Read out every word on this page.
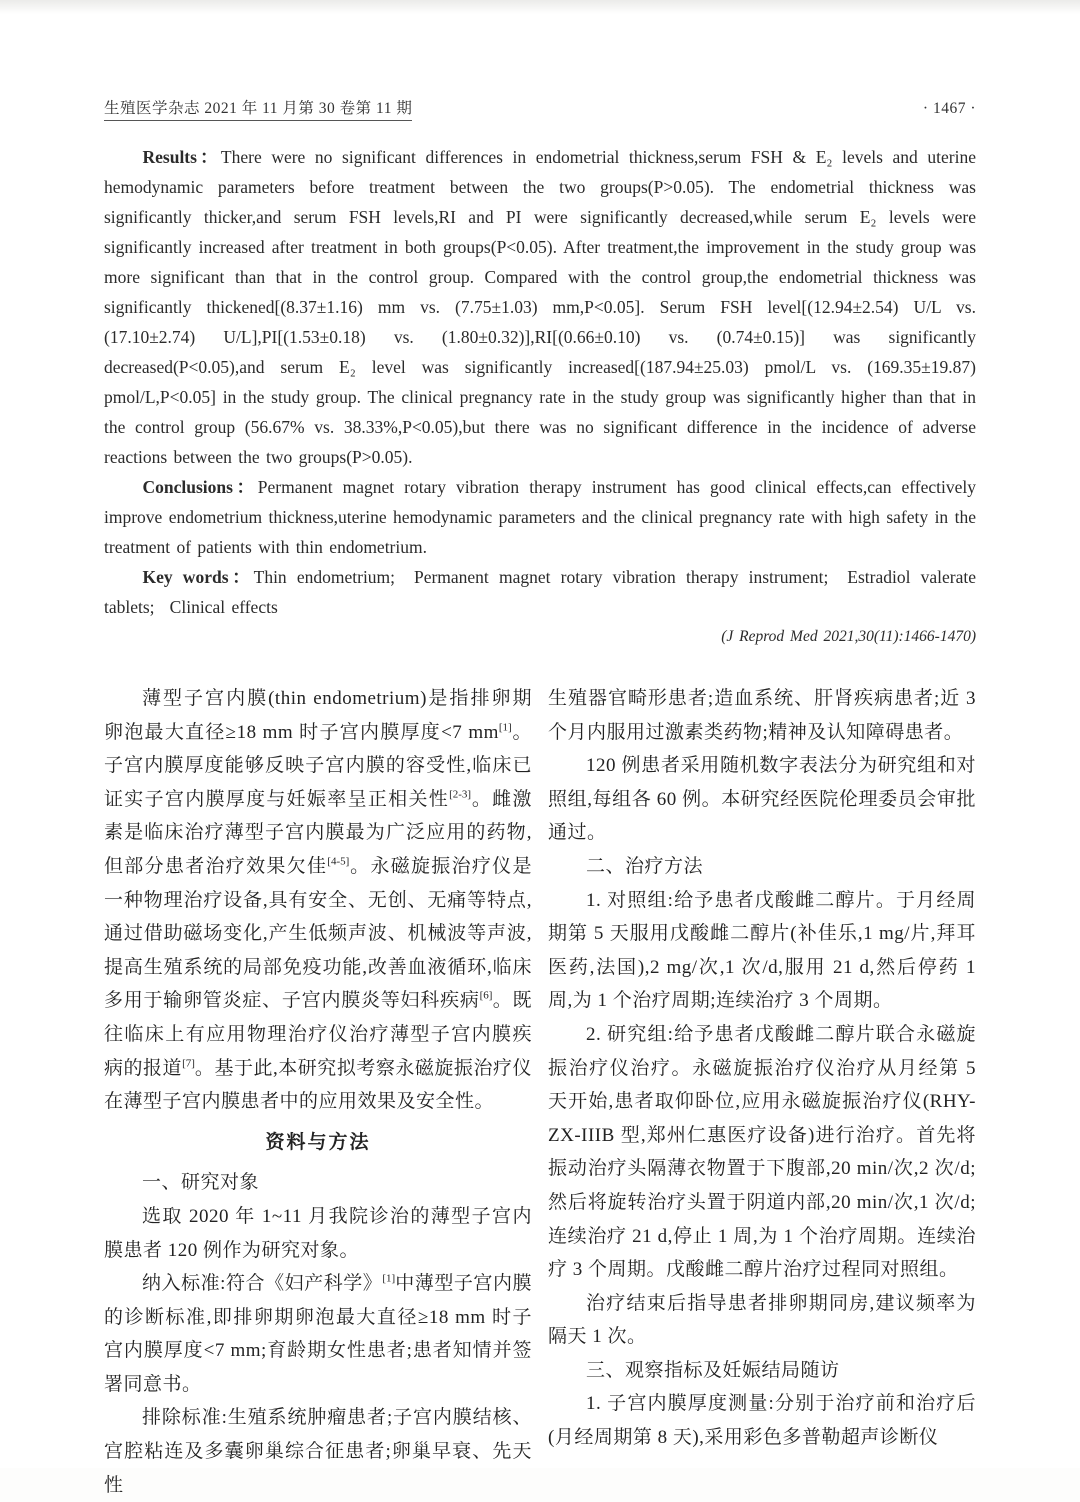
生殖医学杂志 2021 年 11 月第 30 卷第 11 期	· 1467 ·

Results：There were no significant differences in endometrial thickness,serum FSH & E₂ levels and uterine hemodynamic parameters before treatment between the two groups(P>0.05). The endometrial thickness was significantly thicker,and serum FSH levels,RI and PI were significantly decreased,while serum E₂ levels were significantly increased after treatment in both groups(P<0.05). After treatment,the improvement in the study group was more significant than that in the control group. Compared with the control group,the endometrial thickness was significantly thickened[(8.37±1.16) mm vs. (7.75±1.03) mm,P<0.05]. Serum FSH level[(12.94±2.54) U/L vs. (17.10±2.74) U/L],PI[(1.53±0.18) vs. (1.80±0.32)],RI[(0.66±0.10) vs. (0.74±0.15)] was significantly decreased(P<0.05),and serum E₂ level was significantly increased[(187.94±25.03) pmol/L vs. (169.35±19.87) pmol/L,P<0.05] in the study group. The clinical pregnancy rate in the study group was significantly higher than that in the control group (56.67% vs. 38.33%,P<0.05),but there was no significant difference in the incidence of adverse reactions between the two groups(P>0.05).

Conclusions：Permanent magnet rotary vibration therapy instrument has good clinical effects,can effectively improve endometrium thickness,uterine hemodynamic parameters and the clinical pregnancy rate with high safety in the treatment of patients with thin endometrium.

Key words：Thin endometrium;  Permanent magnet rotary vibration therapy instrument;  Estradiol valerate tablets;  Clinical effects

(J Reprod Med 2021,30(11):1466-1470)

薄型子宫内膜(thin endometrium)是指排卵期卵泡最大直径≥18 mm 时子宫内膜厚度<7 mm[1]。子宫内膜厚度能够反映子宫内膜的容受性,临床已证实子宫内膜厚度与妊娠率呈正相关性[2-3]。雌激素是临床治疗薄型子宫内膜最为广泛应用的药物,但部分患者治疗效果欠佳[4-5]。永磁旋振治疗仪是一种物理治疗设备,具有安全、无创、无痛等特点,通过借助磁场变化,产生低频声波、机械波等声波,提高生殖系统的局部免疫功能,改善血液循环,临床多用于输卵管炎症、子宫内膜炎等妇科疾病[6]。既往临床上有应用物理治疗仪治疗薄型子宫内膜疾病的报道[7]。基于此,本研究拟考察永磁旋振治疗仪在薄型子宫内膜患者中的应用效果及安全性。

资料与方法

一、研究对象

选取 2020 年 1~11 月我院诊治的薄型子宫内膜患者 120 例作为研究对象。

纳入标准:符合《妇产科学》[1]中薄型子宫内膜的诊断标准,即排卵期卵泡最大直径≥18 mm 时子宫内膜厚度<7 mm;育龄期女性患者;患者知情并签署同意书。

排除标准:生殖系统肿瘤患者;子宫内膜结核、宫腔粘连及多囊卵巢综合征患者;卵巢早衰、先天性

生殖器官畸形患者;造血系统、肝肾疾病患者;近 3 个月内服用过激素类药物;精神及认知障碍患者。

120 例患者采用随机数字表法分为研究组和对照组,每组各 60 例。本研究经医院伦理委员会审批通过。

二、治疗方法

1. 对照组:给予患者戊酸雌二醇片。于月经周期第 5 天服用戊酸雌二醇片(补佳乐,1 mg/片,拜耳医药,法国),2 mg/次,1 次/d,服用 21 d,然后停药 1 周,为 1 个治疗周期;连续治疗 3 个周期。

2. 研究组:给予患者戊酸雌二醇片联合永磁旋振治疗仪治疗。永磁旋振治疗仪治疗从月经第 5 天开始,患者取仰卧位,应用永磁旋振治疗仪(RHY-ZX-IIIB 型,郑州仁惠医疗设备)进行治疗。首先将振动治疗头隔薄衣物置于下腹部,20 min/次,2 次/d;然后将旋转治疗头置于阴道内部,20 min/次,1 次/d;连续治疗 21 d,停止 1 周,为 1 个治疗周期。连续治疗 3 个周期。戊酸雌二醇片治疗过程同对照组。

治疗结束后指导患者排卵期同房,建议频率为隔天 1 次。

三、观察指标及妊娠结局随访

1. 子宫内膜厚度测量:分别于治疗前和治疗后(月经周期第 8 天),采用彩色多普勒超声诊断仪
